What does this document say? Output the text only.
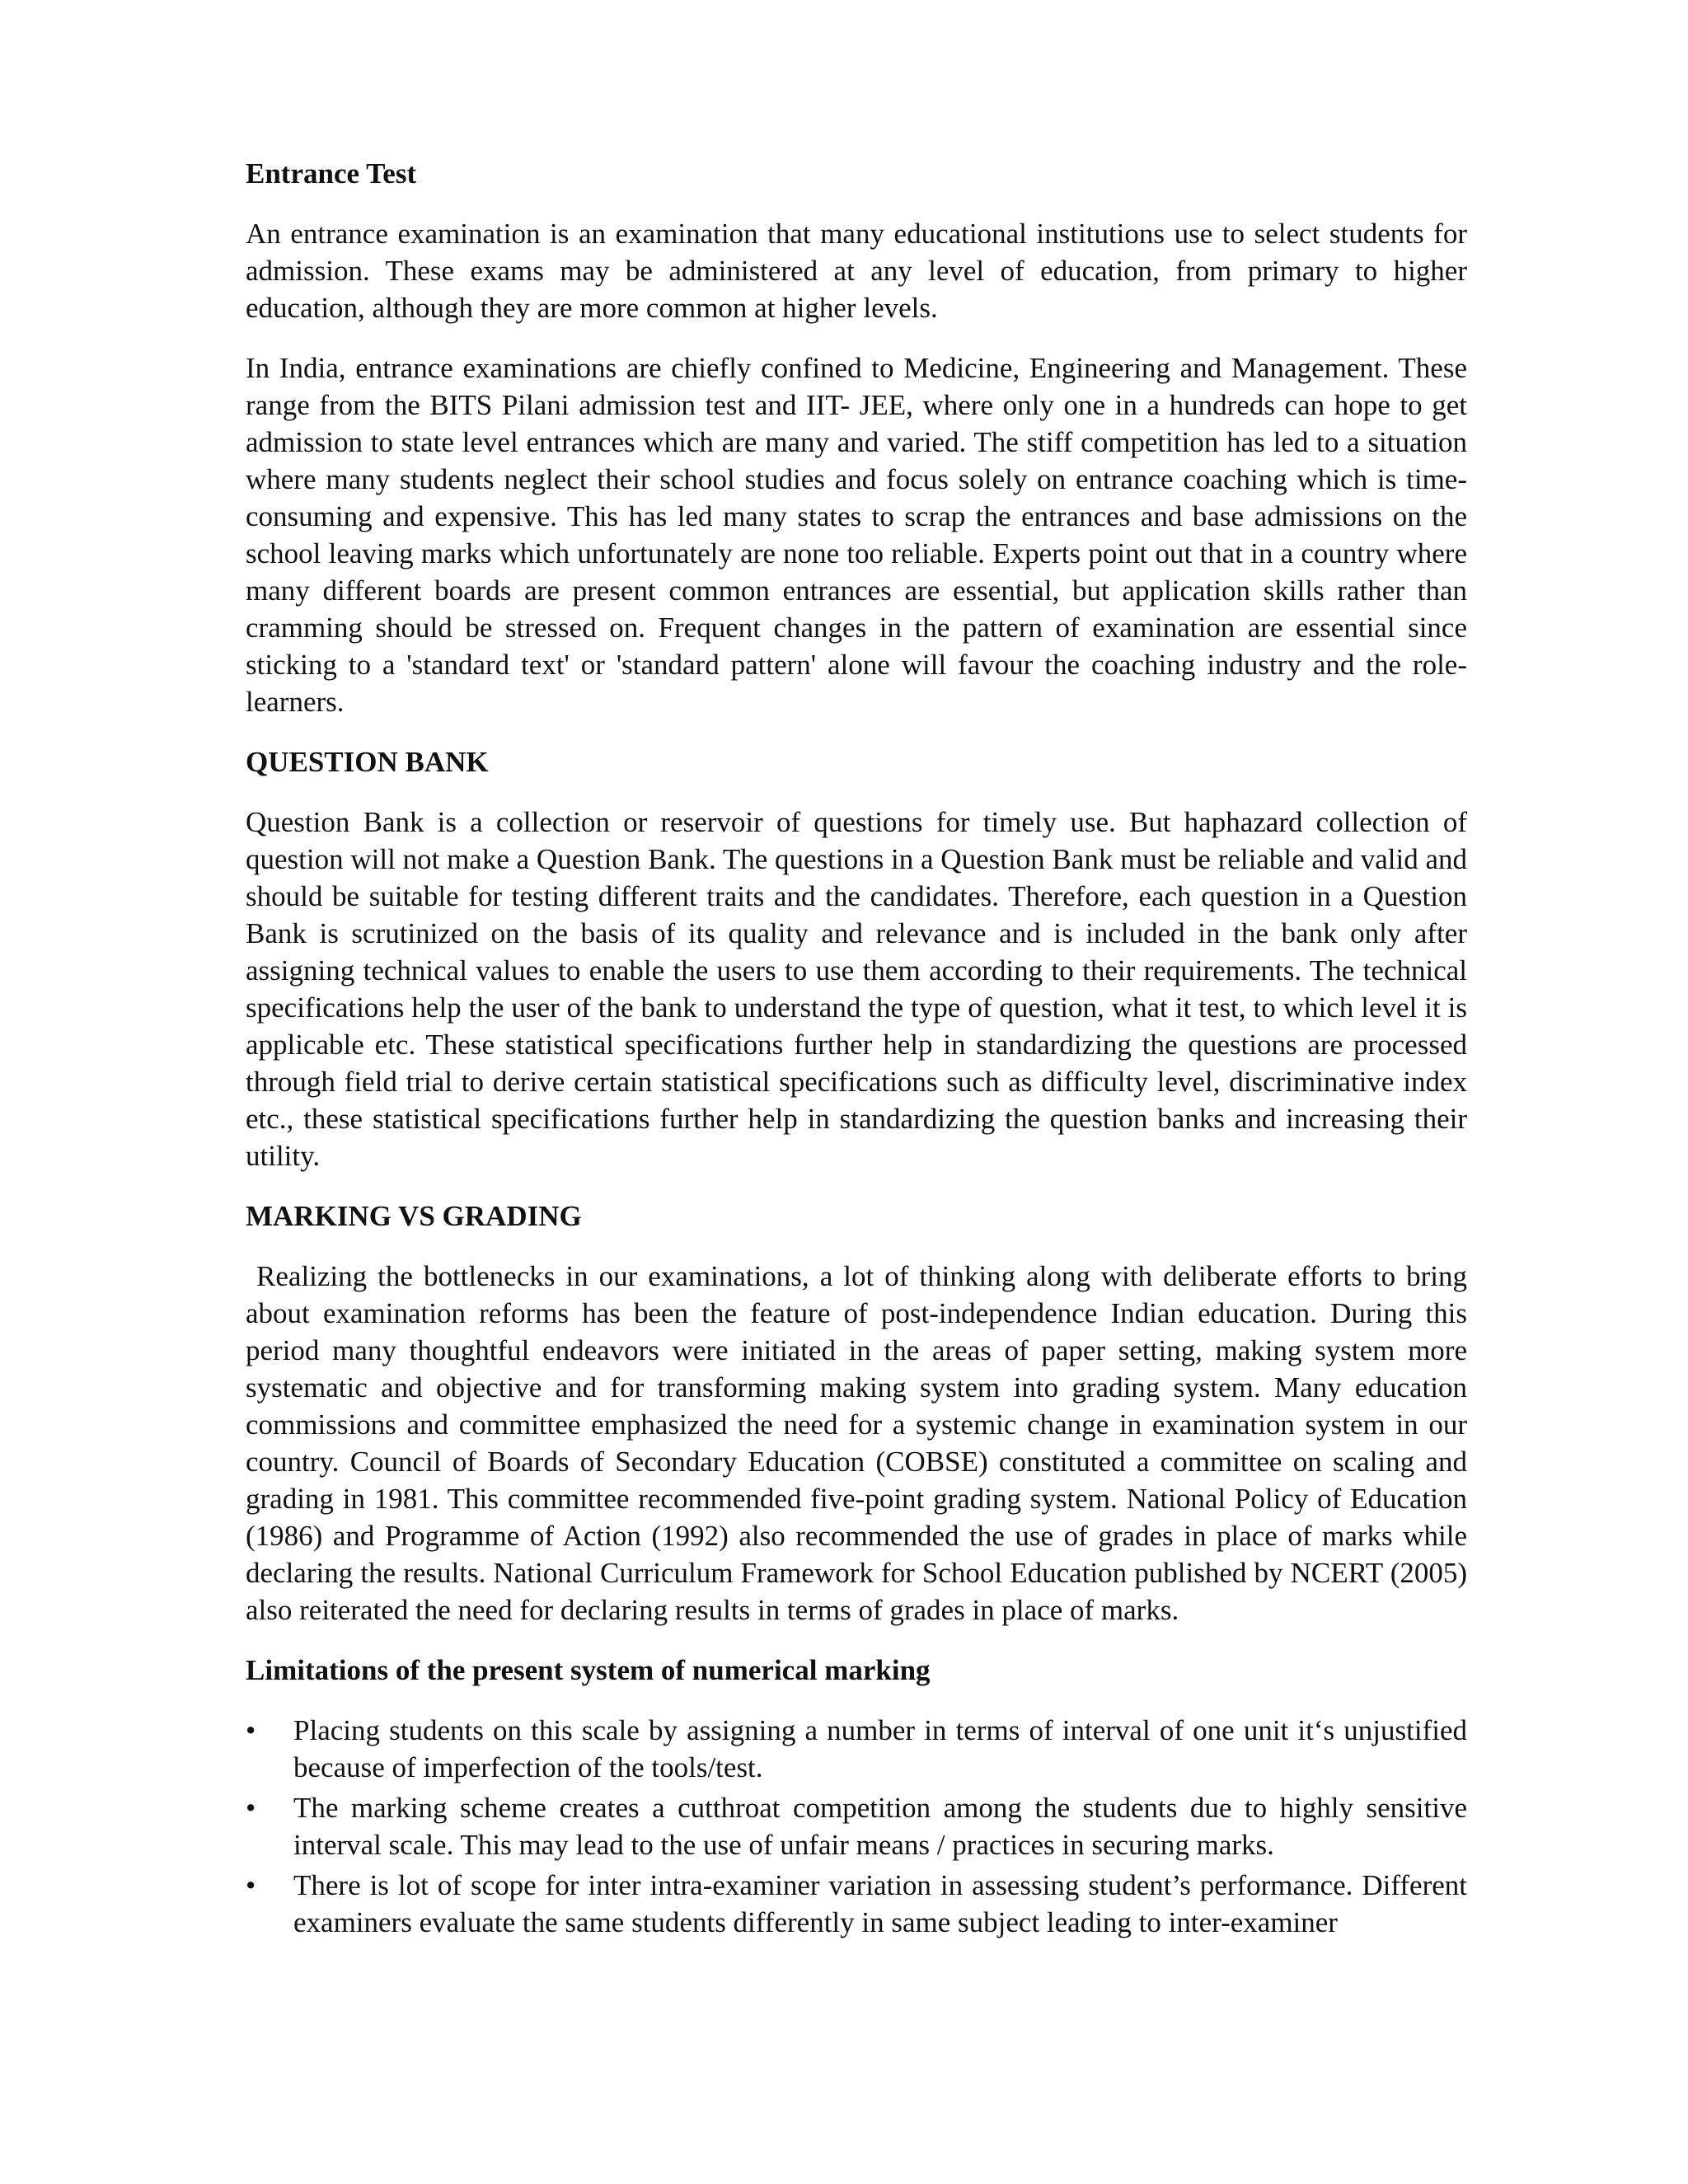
Entrance Test

An entrance examination is an examination that many educational institutions use to select students for admission. These exams may be administered at any level of education, from primary to higher education, although they are more common at higher levels.

In India, entrance examinations are chiefly confined to Medicine, Engineering and Management. These range from the BITS Pilani admission test and IIT- JEE, where only one in a hundreds can hope to get admission to state level entrances which are many and varied. The stiff competition has led to a situation where many students neglect their school studies and focus solely on entrance coaching which is time-consuming and expensive. This has led many states to scrap the entrances and base admissions on the school leaving marks which unfortunately are none too reliable. Experts point out that in a country where many different boards are present common entrances are essential, but application skills rather than cramming should be stressed on. Frequent changes in the pattern of examination are essential since sticking to a 'standard text' or 'standard pattern' alone will favour the coaching industry and the role-learners.

QUESTION BANK

Question Bank is a collection or reservoir of questions for timely use. But haphazard collection of question will not make a Question Bank. The questions in a Question Bank must be reliable and valid and should be suitable for testing different traits and the candidates. Therefore, each question in a Question Bank is scrutinized on the basis of its quality and relevance and is included in the bank only after assigning technical values to enable the users to use them according to their requirements. The technical specifications help the user of the bank to understand the type of question, what it test, to which level it is applicable etc. These statistical specifications further help in standardizing the questions are processed through field trial to derive certain statistical specifications such as difficulty level, discriminative index etc., these statistical specifications further help in standardizing the question banks and increasing their utility.

MARKING VS GRADING

Realizing the bottlenecks in our examinations, a lot of thinking along with deliberate efforts to bring about examination reforms has been the feature of post-independence Indian education. During this period many thoughtful endeavors were initiated in the areas of paper setting, making system more systematic and objective and for transforming making system into grading system. Many education commissions and committee emphasized the need for a systemic change in examination system in our country. Council of Boards of Secondary Education (COBSE) constituted a committee on scaling and grading in 1981. This committee recommended five-point grading system. National Policy of Education (1986) and Programme of Action (1992) also recommended the use of grades in place of marks while declaring the results. National Curriculum Framework for School Education published by NCERT (2005) also reiterated the need for declaring results in terms of grades in place of marks.

Limitations of the present system of numerical marking
• Placing students on this scale by assigning a number in terms of interval of one unit it‘s unjustified because of imperfection of the tools/test.
• The marking scheme creates a cutthroat competition among the students due to highly sensitive interval scale. This may lead to the use of unfair means / practices in securing marks.
• There is lot of scope for inter intra-examiner variation in assessing student’s performance. Different examiners evaluate the same students differently in same subject leading to inter-examiner
